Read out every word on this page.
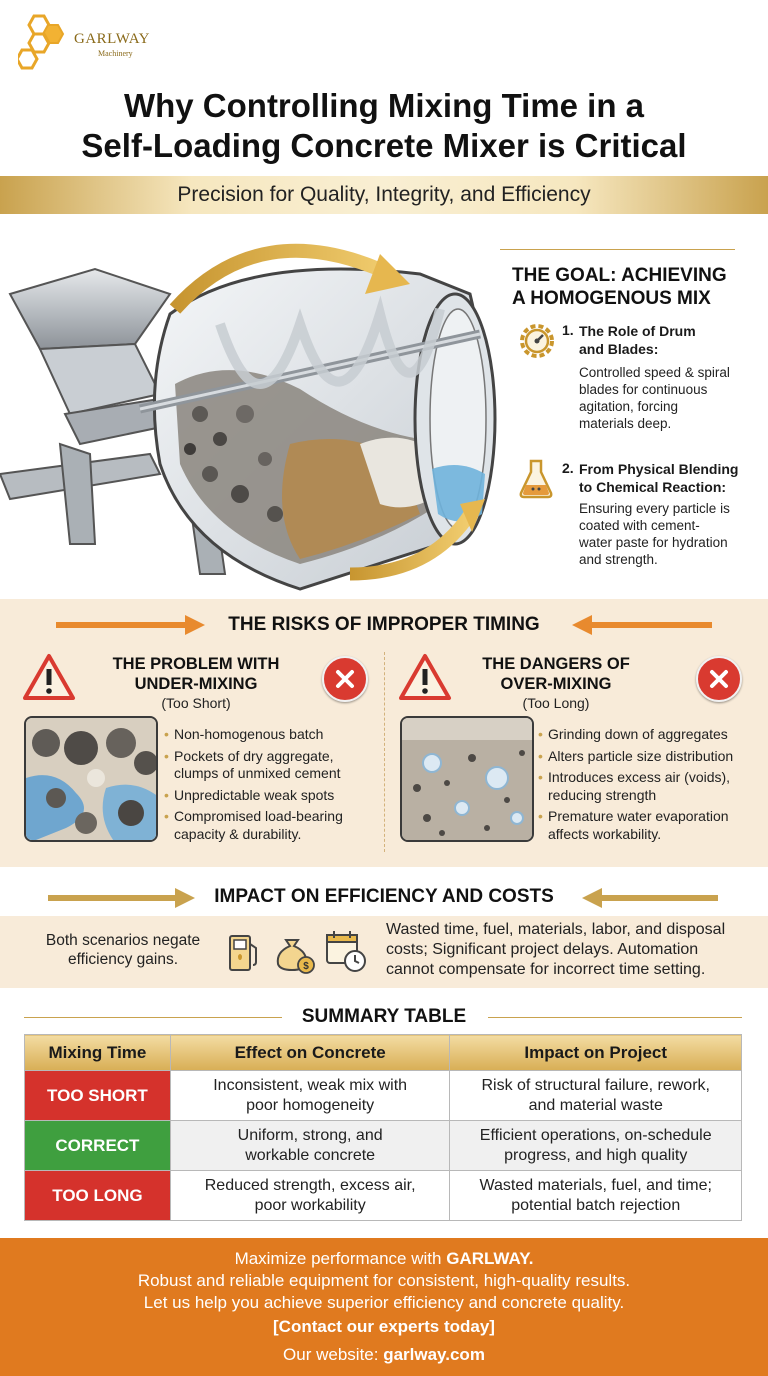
GARLWAY
Machinery
Why Controlling Mixing Time in a
Self-Loading Concrete Mixer is Critical
Precision for Quality, Integrity, and Efficiency
THE GOAL: ACHIEVING
A HOMOGENOUS MIX
1. The Role of Drum
and Blades:
Controlled speed & spiral
blades for continuous
agitation, forcing
materials deep.
2. From Physical Blending
to Chemical Reaction:
Ensuring every particle is
coated with cement-
water paste for hydration
and strength.
THE RISKS OF IMPROPER TIMING
THE PROBLEM WITH
UNDER-MIXING
(Too Short)
• Non-homogenous batch
• Pockets of dry aggregate,
clumps of unmixed cement
• Unpredictable weak spots
• Compromised load-bearing
capacity & durability.
THE DANGERS OF
OVER-MIXING
(Too Long)
• Grinding down of aggregates
• Alters particle size distribution
• Introduces excess air (voids),
reducing strength
• Premature water evaporation
affects workability.
IMPACT ON EFFICIENCY AND COSTS
Both scenarios negate
efficiency gains.	$
Wasted time, fuel, materials, labor, and disposal
costs; Significant project delays. Automation
cannot compensate for incorrect time setting.
SUMMARY TABLE
Mixing Time	Effect on Concrete	Impact on Project
TOO SHORT	Inconsistent, weak mix with
poor homogeneity	Risk of structural failure, rework,
and material waste

CORRECT	Uniform, strong, and
workable concrete	Efficient operations, on-schedule
progress, and high quality

TOO LONG	Reduced strength, excess air,
poor workability	Wasted materials, fuel, and time;
potential batch rejection
Maximize performance with GARLWAY.
Robust and reliable equipment for consistent, high-quality results.
Let us help you achieve superior efficiency and concrete quality.
[Contact our experts today]
Our website: garlway.com
